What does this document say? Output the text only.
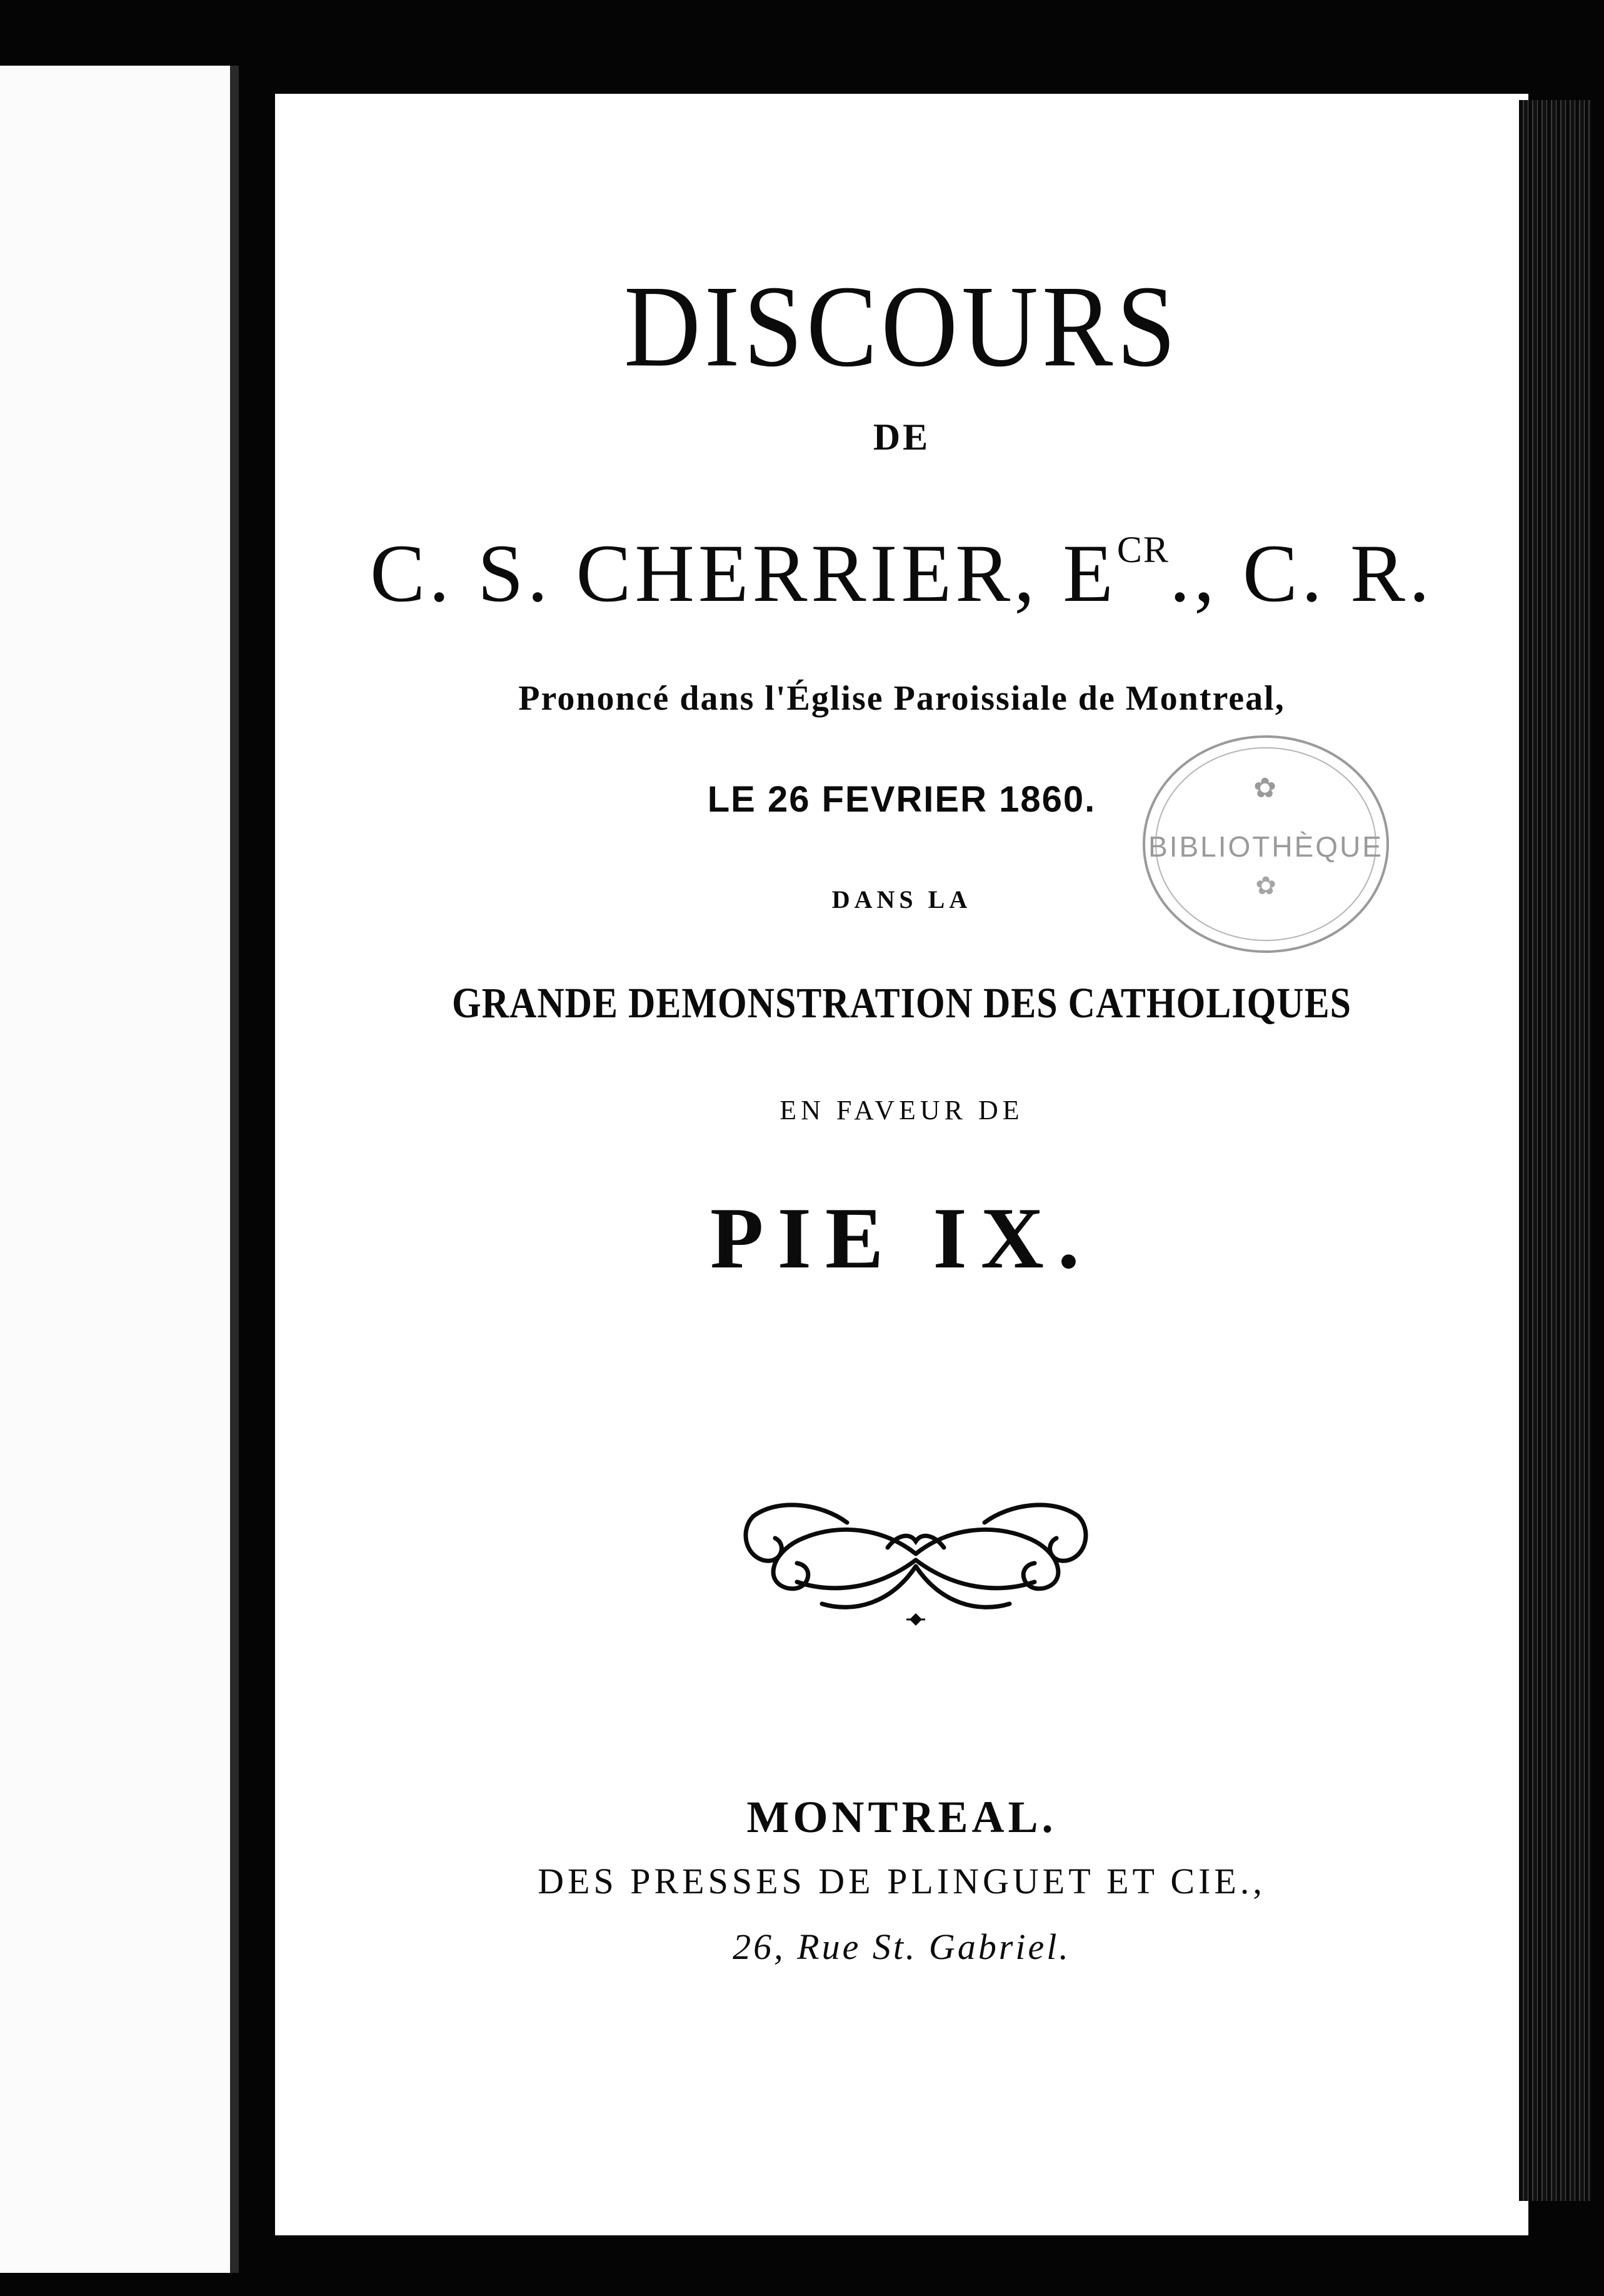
DISCOURS
DE
C. S. CHERRIER, $E^{CR}$., C. R.
Prononcé dans l'Église Paroissiale de Montreal,
LE 26 FEVRIER 1860.
DANS LA
GRANDE DEMONSTRATION DES CATHOLIQUES
EN FAVEUR DE
PIE IX.
✿
BIBLIOTHÈQUE
✿
26, Rue St. Gabriel.
DES PRESSES DE PLINGUET ET CIE.,
MONTREAL.
